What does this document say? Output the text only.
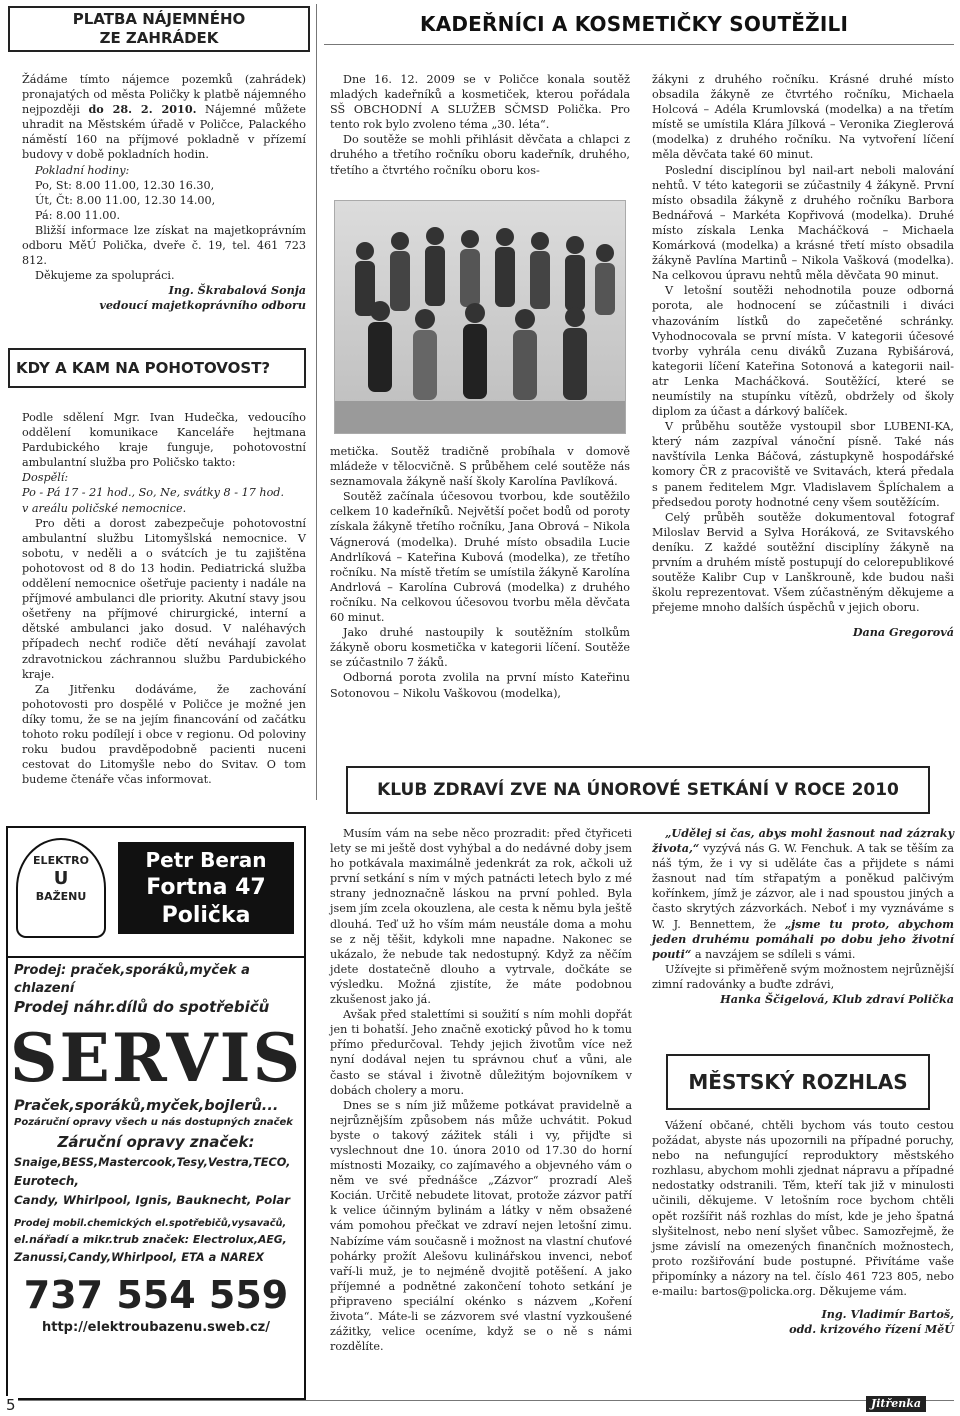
PLATBA NÁJEMNÉHO
ZE ZAHRÁDEK

Žádáme tímto nájemce pozemků (zahrádek) pronajatých od města Poličky k platbě nájemného nejpozději do 28. 2. 2010. Nájemné můžete uhradit na Městském úřadě v Poličce, Palackého náměstí 160 na příjmové pokladně v přízemí budovy v době pokladních hodin.

Pokladní hodiny:

Po, St: 8.00 11.00, 12.30 16.30,

Út, Čt: 8.00 11.00, 12.30 14.00,

Pá: 8.00 11.00.

Bližší informace lze získat na majetkoprávním odboru MěÚ Polička, dveře č. 19, tel. 461 723 812.

Děkujeme za spolupráci.

Ing. Škrabalová Sonja
vedoucí majetkoprávního odboru
KDY A KAM NA POHOTOVOST?

Podle sdělení Mgr. Ivan Hudečka, vedoucího oddělení komunikace Kanceláře hejtmana Pardubického kraje funguje, pohotovostní ambulantní služba pro Poličsko takto:

Dospělí:

Po - Pá 17 - 21 hod., So, Ne, svátky 8 - 17 hod.

v areálu poličské nemocnice.

Pro děti a dorost zabezpečuje pohotovostní ambulantní službu Litomyšlská nemocnice. V sobotu, v neděli a o svátcích je tu zajištěna pohotovost od 8 do 13 hodin. Pediatrická služba oddělení nemocnice ošetřuje pacienty i nadále na příjmové ambulanci dle priority. Akutní stavy jsou ošetřeny na příjmové chirurgické, interní a dětské ambulanci jako dosud. V naléhavých případech nechť rodiče dětí neváhají zavolat zdravotnickou záchrannou službu Pardubického kraje.

Za Jitřenku dodáváme, že zachování pohotovosti pro dospělé v Poličce je možné jen díky tomu, že se na jejím financování od začátku tohoto roku podílejí i obce v regionu. Od poloviny roku budou pravděpodobně pacienti nuceni cestovat do Litomyšle nebo do Svitav. O tom budeme čtenáře včas informovat.

KADEŘNÍCI A KOSMETIČKY SOUTĚŽILI

Dne 16. 12. 2009 se v Poličce konala soutěž mladých kadeřníků a kosmetiček, kterou pořádala SŠ OBCHODNÍ A SLUŽEB SČMSD Polička. Pro tento rok bylo zvoleno téma „30. léta“.

Do soutěže se mohli přihlásit děvčata a chlapci z druhého a třetího ročníku oboru kadeřník, druhého, třetího a čtvrtého ročníku oboru kos-

metička. Soutěž tradičně probíhala v domově mládeže v tělocvičně. S průběhem celé soutěže nás seznamovala žákyně naší školy Karolína Pavlíková.

Soutěž začínala účesovou tvorbou, kde soutěžilo celkem 10 kadeřníků. Největší počet bodů od poroty získala žákyně třetího ročníku, Jana Obrová – Nikola Vágnerová (modelka). Druhé místo obsadila Lucie Andrlíková – Kateřina Kubová (modelka), ze třetího ročníku. Na místě třetím se umístila žákyně Karolína Andrlová – Karolína Cubrová (modelka) z druhého ročníku. Na celkovou účesovou tvorbu měla děvčata 60 minut.

Jako druhé nastoupily k soutěžním stolkům žákyně oboru kosmetička v kategorii líčení. Soutěže se zúčastnilo 7 žáků.

Odborná porota zvolila na první místo Kateřinu Sotonovou – Nikolu Vaškovou (modelka),

žákyni z druhého ročníku. Krásné druhé místo obsadila žákyně ze čtvrtého ročníku, Michaela Holcová – Adéla Krumlovská (modelka) a na třetím místě se umístila Klára Jílková – Veronika Zieglerová (modelka) z druhého ročníku. Na vytvoření líčení měla děvčata také 60 minut.

Poslední disciplínou byl nail-art neboli malování nehtů. V této kategorii se zúčastnily 4 žákyně. První místo obsadila žákyně z druhého ročníku Barbora Bednářová – Markéta Kopřivová (modelka). Druhé místo získala Lenka Macháčková – Michaela Komárková (modelka) a krásné třetí místo obsadila žákyně Pavlína Martinů – Nikola Vašková (modelka). Na celkovou úpravu nehtů měla děvčata 90 minut.

V letošní soutěži nehodnotila pouze odborná porota, ale hodnocení se zúčastnili i diváci vhazováním lístků do zapečetěné schránky. Vyhodnocovala se první místa. V kategorii účesové tvorby vyhrála cenu diváků Zuzana Rybišárová, kategorii líčení Kateřina Sotonová a kategorii nail-atr Lenka Macháčková. Soutěžící, které se neumístily na stupínku vítězů, obdržely od školy diplom za účast a dárkový balíček.

V průběhu soutěže vystoupil sbor LUBENI-KA, který nám zazpíval vánoční písně. Také nás navštívila Lenka Báčová, zástupkyně hospodářské komory ČR z pracoviště ve Svitavách, která předala s panem ředitelem Mgr. Vladislavem Šplíchalem a předsedou poroty hodnotné ceny všem soutěžícím.

Celý průběh soutěže dokumentoval fotograf Miloslav Bervid a Sylva Horáková, ze Svitavského deníku. Z každé soutěžní disciplíny žákyně na prvním a druhém místě postupují do celorepublikové soutěže Kalibr Cup v Lanškrouně, kde budou naši školu reprezentovat. Všem zúčastněným děkujeme a přejeme mnoho dalších úspěchů v jejich oboru.

Dana Gregorová
KLUB ZDRAVÍ ZVE NA ÚNOROVÉ SETKÁNÍ V ROCE 2010
ELEKTRO
U
BAŽENU
Petr Beran
Fortna 47
Polička
Prodej: praček,sporáků,myček a chlazení
Prodej náhr.dílů do spotřebičů
SERVIS
Praček,sporáků,myček,bojlerů...
Pozáruční opravy všech u nás dostupných značek
Záruční opravy značek:
Snaige,BESS,Mastercook,Tesy,Vestra,TECO,
Eurotech,
Candy, Whirlpool, Ignis, Bauknecht, Polar
Prodej mobil.chemických el.spotřebičů,vysavačů,
el.nářadí a mikr.trub značek: Electrolux,AEG,
Zanussi,Candy,Whirlpool, ETA a NAREX
737 554 559
http://elektroubazenu.sweb.cz/

Musím vám na sebe něco prozradit: před čtyřiceti lety se mi ještě dost vyhýbal a do nedávné doby jsem ho potkávala maximálně jedenkrát za rok, ačkoli už první setkání s ním v mých patnácti letech bylo z mé strany jednoznačně láskou na první pohled. Byla jsem jím zcela okouzlena, ale cesta k němu byla ještě dlouhá. Teď už ho vším mám neustále doma a mohu se z něj těšit, kdykoli mne napadne. Nakonec se ukázalo, že nebude tak nedostupný. Když za něčím jdete dostatečně dlouho a vytrvale, dočkáte se výsledku. Možná zjistíte, že máte podobnou zkušenost jako já.

Avšak před stalettími si soužití s ním mohli dopřát jen ti bohatší. Jeho značně exotický původ ho k tomu přímo předurčoval. Tehdy jejich životům více než nyní dodával nejen tu správnou chuť a vůni, ale často se stával i životně důležitým bojovníkem v dobách cholery a moru.

Dnes se s ním již můžeme potkávat pravidelně a nejrůznějším způsobem nás může uchvátit. Pokud byste o takový zážitek stáli i vy, přijďte si vyslechnout dne 10. února 2010 od 17.30 do horní místnosti Mozaiky, co zajímavého a objevného vám o něm ve své přednášce „Zázvor“ prozradí Aleš Kocián. Určitě nebudete litovat, protože zázvor patří k velice účinným bylinám a látky v něm obsažené vám pomohou přečkat ve zdraví nejen letošní zimu. Nabízíme vám současně i možnost na vlastní chuťové pohárky prožít Alešovu kulinářskou invenci, neboť vaří-li muž, je to nejméně dvojitě potěšení. A jako příjemné a podnětné zakončení tohoto setkání je připraveno speciální okénko s názvem „Koření života“. Máte-li se zázvorem své vlastní vyzkoušené zážitky, velice oceníme, když se o ně s námi rozdělíte.

„Udělej si čas, abys mohl žasnout nad zázraky života,“ vyzývá nás G. W. Fenchuk. A tak se těším za náš tým, že i vy si uděláte čas a přijdete s námi žasnout nad tím střapatým a poněkud palčivým kořínkem, jímž je zázvor, ale i nad spoustou jiných a často skrytých zázvorkách. Neboť i my vyznáváme s W. J. Bennettem, že „jsme tu proto, abychom jeden druhému pomáhali po dobu jeho životní pouti“ a navzájem se sdíleli s vámi.

Užívejte si přiměřeně svým možnostem nejrůznější zimní radovánky a buďte zdrávi,

Hanka Ščigelová, Klub zdraví Polička
MĚSTSKÝ ROZHLAS

Vážení občané, chtěli bychom vás touto cestou požádat, abyste nás upozornili na případné poruchy, nebo na nefungující reproduktory městského rozhlasu, abychom mohli zjednat nápravu a případné nedostatky odstranili. Těm, kteří tak již v minulosti učinili, děkujeme. V letošním roce bychom chtěli opět rozšířit náš rozhlas do míst, kde je jeho špatná slyšitelnost, nebo není slyšet vůbec. Samozřejmě, že jsme závislí na omezených finančních možnostech, proto rozšiřování bude postupné. Přivítáme vaše připomínky a názory na tel. číslo 461 723 805, nebo e-mailu: bartos@policka.org. Děkujeme vám.

Ing. Vladimír Bartoš,
odd. krizového řízení MěÚ
5	Jitřenka
